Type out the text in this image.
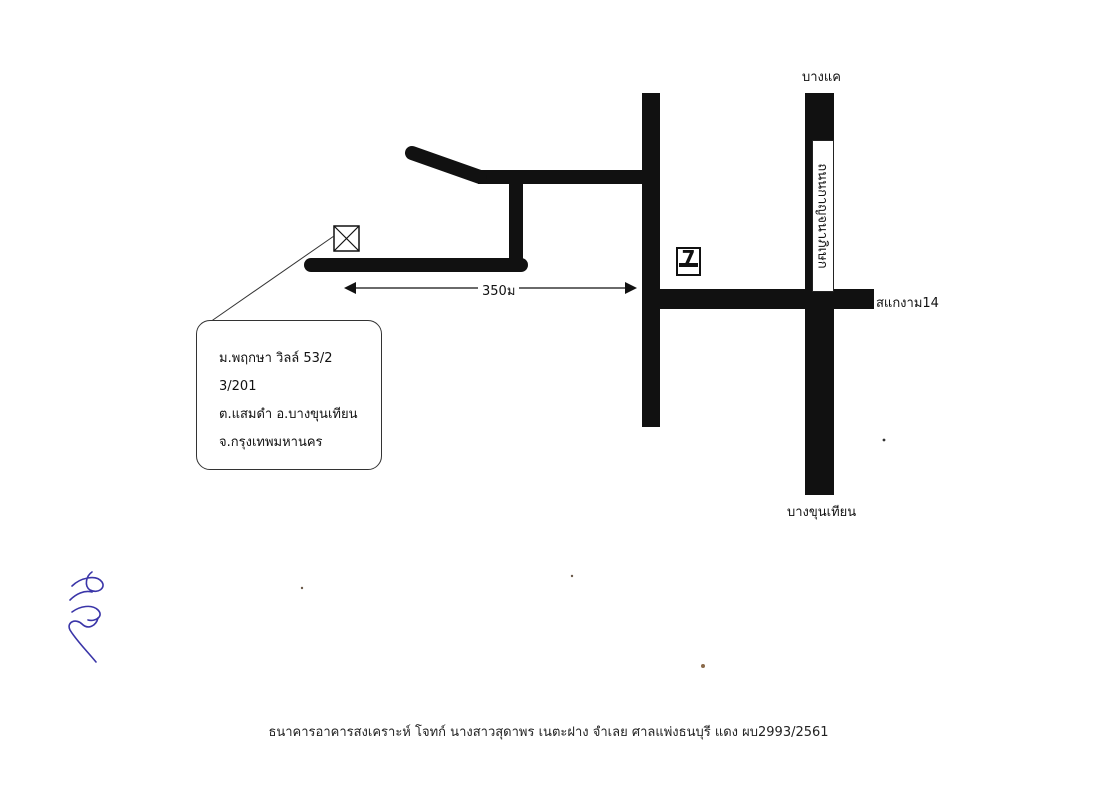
บางแค
บางขุนเทียน
สแกงาม14
ถนนกาญจนาภิเษก
7
350ม
ม.พฤกษา วิลล์ 53/2
3/201
ต.แสมดำ อ.บางขุนเทียน
จ.กรุงเทพมหานคร
ธนาคารอาคารสงเคราะห์ โจทก์ นางสาวสุดาพร เนตะฝาง จำเลย ศาลแพ่งธนบุรี แดง ผบ2993/2561
